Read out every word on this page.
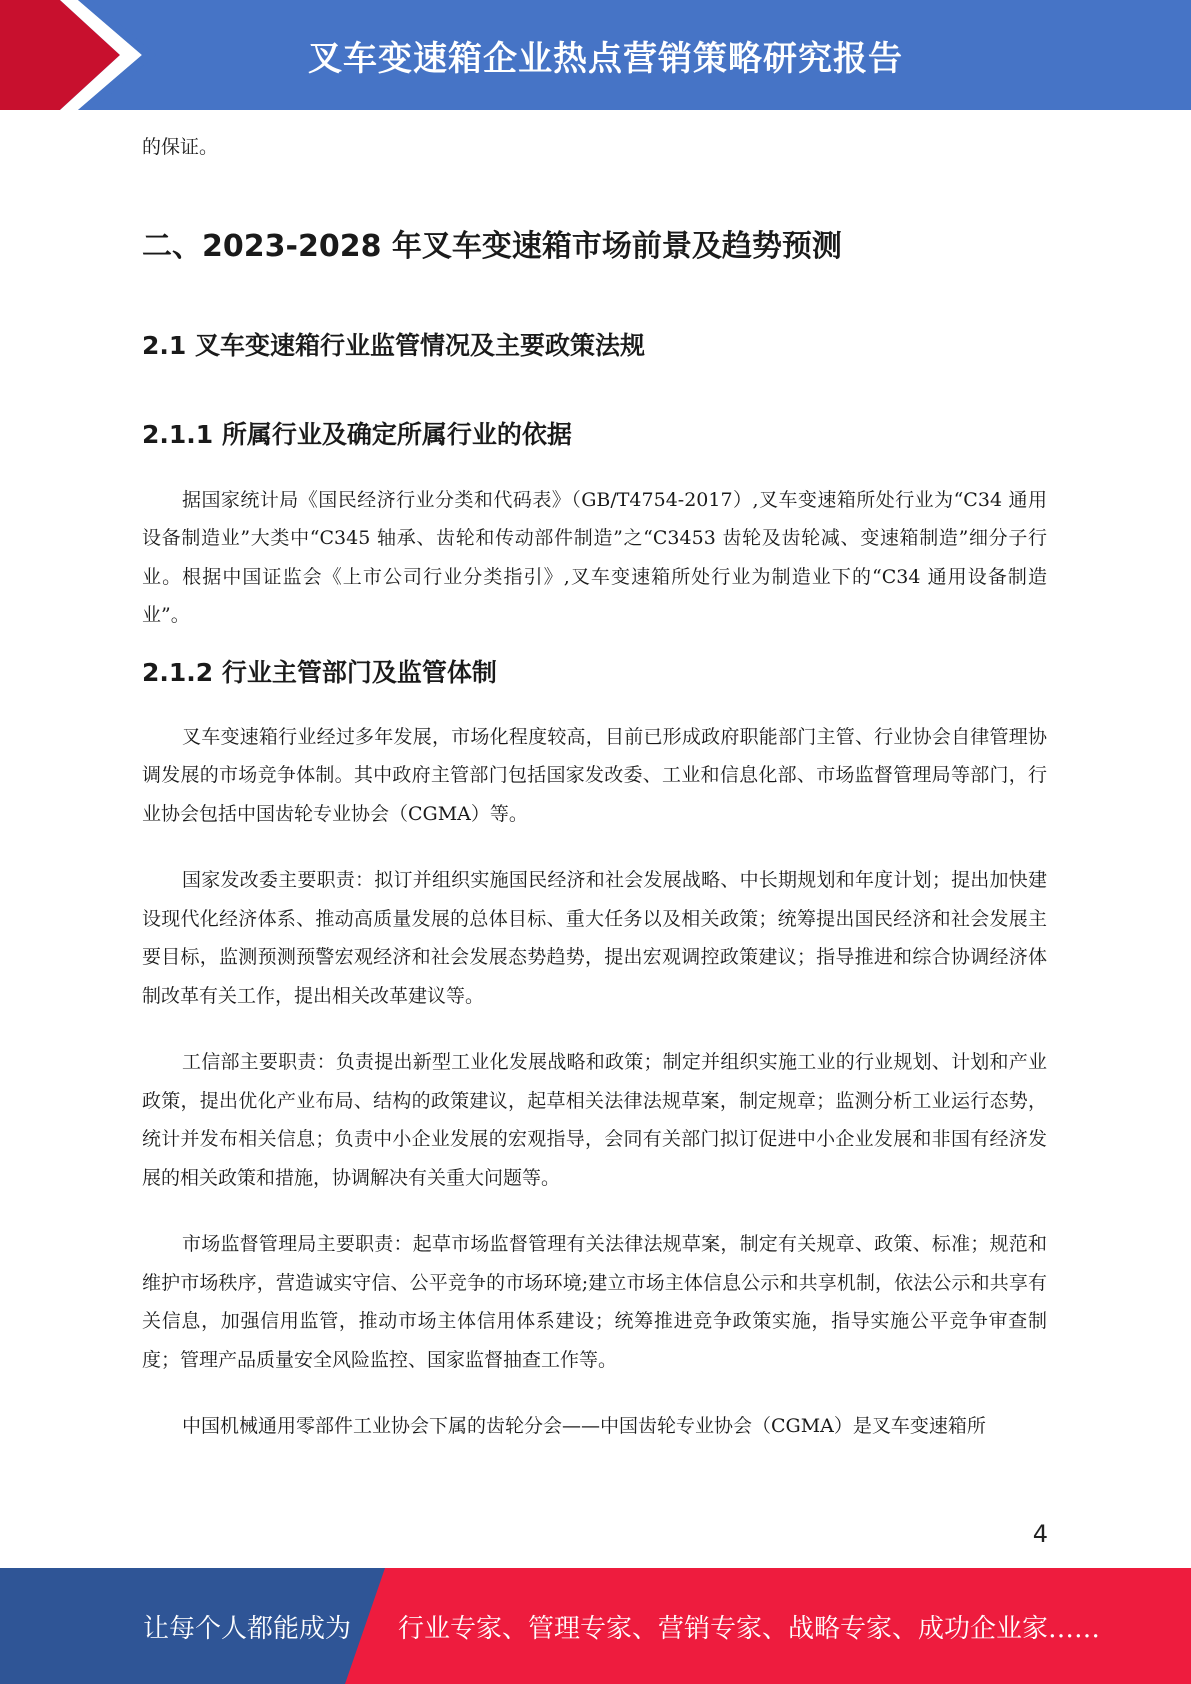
叉车变速箱企业热点营销策略研究报告

的保证。

二、2023-2028 年叉车变速箱市场前景及趋势预测
2.1 叉车变速箱行业监管情况及主要政策法规
2.1.1 所属行业及确定所属行业的依据

据国家统计局《国民经济行业分类和代码表》（GB/T4754-2017）,叉车变速箱所处行业为“C34 通用设备制造业”大类中“C345 轴承、齿轮和传动部件制造”之“C3453 齿轮及齿轮减、变速箱制造”细分子行业。根据中国证监会《上市公司行业分类指引》,叉车变速箱所处行业为制造业下的“C34 通用设备制造业”。

2.1.2 行业主管部门及监管体制

叉车变速箱行业经过多年发展，市场化程度较高，目前已形成政府职能部门主管、行业协会自律管理协调发展的市场竞争体制。其中政府主管部门包括国家发改委、工业和信息化部、市场监督管理局等部门，行业协会包括中国齿轮专业协会（CGMA）等。

国家发改委主要职责：拟订并组织实施国民经济和社会发展战略、中长期规划和年度计划；提出加快建设现代化经济体系、推动高质量发展的总体目标、重大任务以及相关政策；统筹提出国民经济和社会发展主要目标，监测预测预警宏观经济和社会发展态势趋势，提出宏观调控政策建议；指导推进和综合协调经济体制改革有关工作，提出相关改革建议等。

工信部主要职责：负责提出新型工业化发展战略和政策；制定并组织实施工业的行业规划、计划和产业政策，提出优化产业布局、结构的政策建议，起草相关法律法规草案，制定规章；监测分析工业运行态势，统计并发布相关信息；负责中小企业发展的宏观指导，会同有关部门拟订促进中小企业发展和非国有经济发展的相关政策和措施，协调解决有关重大问题等。

市场监督管理局主要职责：起草市场监督管理有关法律法规草案，制定有关规章、政策、标准；规范和维护市场秩序，营造诚实守信、公平竞争的市场环境;建立市场主体信息公示和共享机制，依法公示和共享有关信息，加强信用监管，推动市场主体信用体系建设；统筹推进竞争政策实施，指导实施公平竞争审查制度；管理产品质量安全风险监控、国家监督抽查工作等。

中国机械通用零部件工业协会下属的齿轮分会——中国齿轮专业协会（CGMA）是叉车变速箱所

4
让每个人都能成为 行业专家、管理专家、营销专家、战略专家、成功企业家……
